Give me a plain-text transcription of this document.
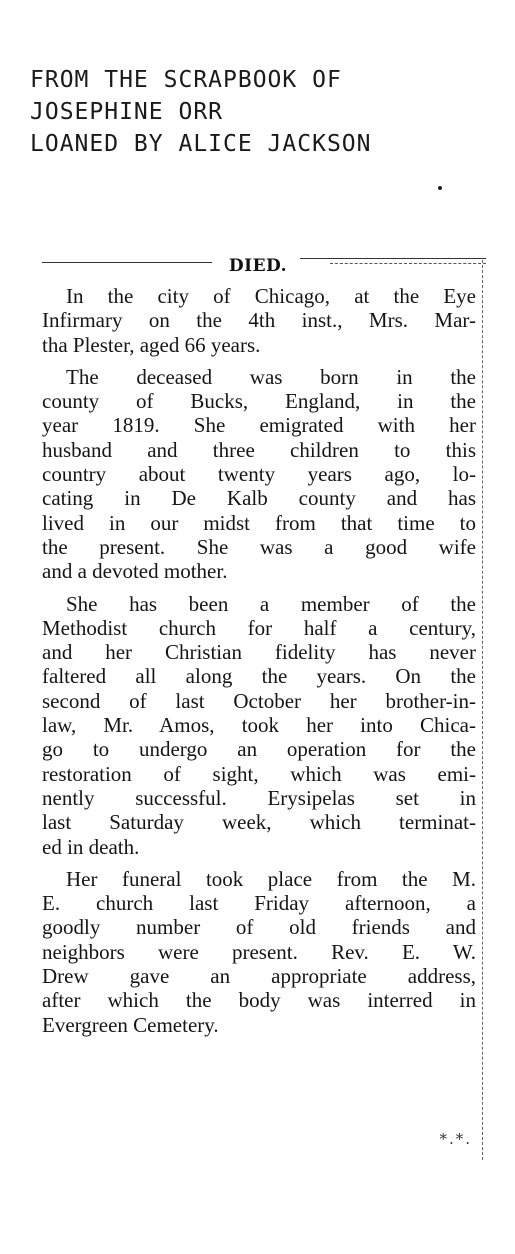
FROM THE SCRAPBOOK OF
JOSEPHINE ORR
LOANED BY ALICE JACKSON
DIED.
In the city of Chicago, at the Eye
Infirmary on the 4th inst., Mrs. Mar-
tha Plester, aged 66 years.
The deceased was born in the
county of Bucks, England, in the
year 1819. She emigrated with her
husband and three children to this
country about twenty years ago, lo-
cating in De Kalb county and has
lived in our midst from that time to
the present. She was a good wife
and a devoted mother.
She has been a member of the
Methodist church for half a century,
and her Christian fidelity has never
faltered all along the years. On the
second of last October her brother-in-
law, Mr. Amos, took her into Chica-
go to undergo an operation for the
restoration of sight, which was emi-
nently successful. Erysipelas set in
last Saturday week, which terminat-
ed in death.
Her funeral took place from the M.
E. church last Friday afternoon, a
goodly number of old friends and
neighbors were present. Rev. E. W.
Drew gave an appropriate address,
after which the body was interred in
Evergreen Cemetery.
*.*.
